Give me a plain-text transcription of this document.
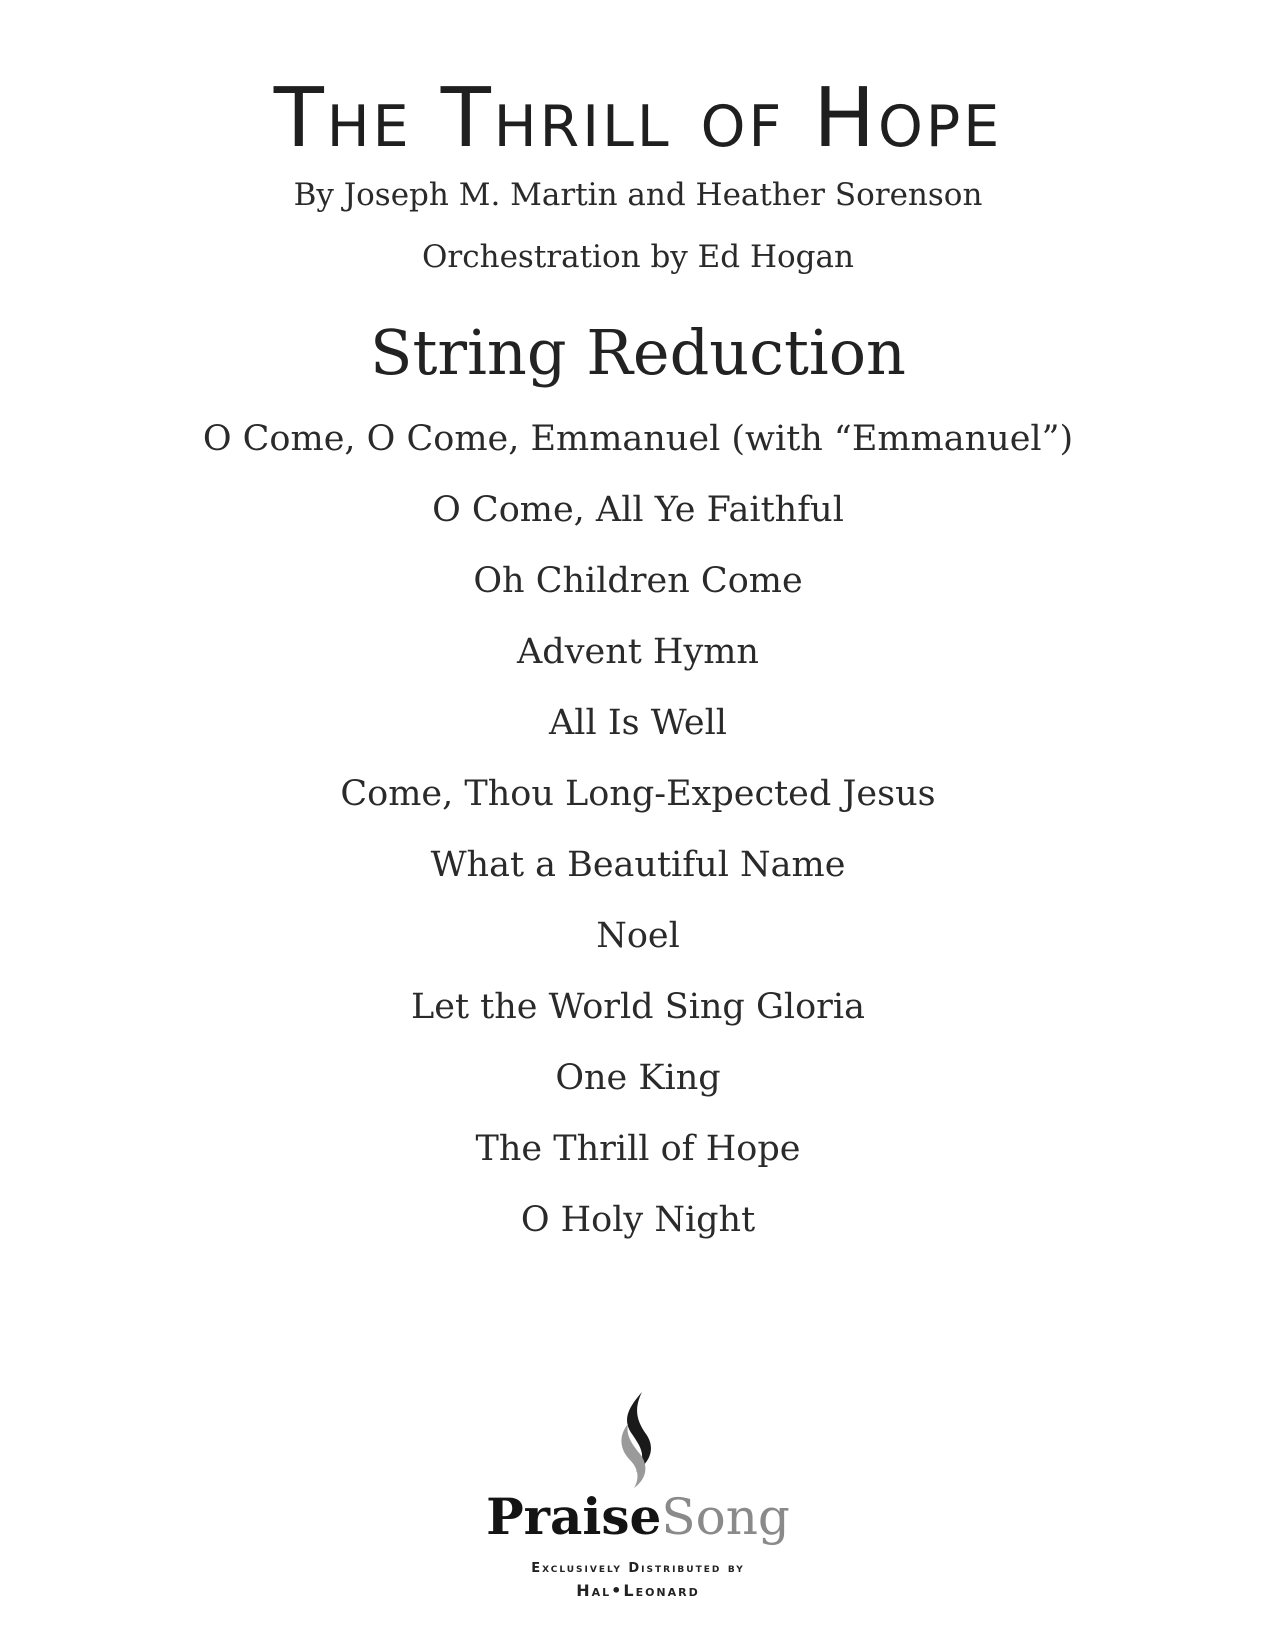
The Thrill of Hope
By Joseph M. Martin and Heather Sorenson
Orchestration by Ed Hogan
String Reduction
O Come, O Come, Emmanuel (with “Emmanuel”)
O Come, All Ye Faithful
Oh Children Come
Advent Hymn
All Is Well
Come, Thou Long-Expected Jesus
What a Beautiful Name
Noel
Let the World Sing Gloria
One King
The Thrill of Hope
O Holy Night
PraiseSong
Exclusively Distributed by
Hal•Leonard
